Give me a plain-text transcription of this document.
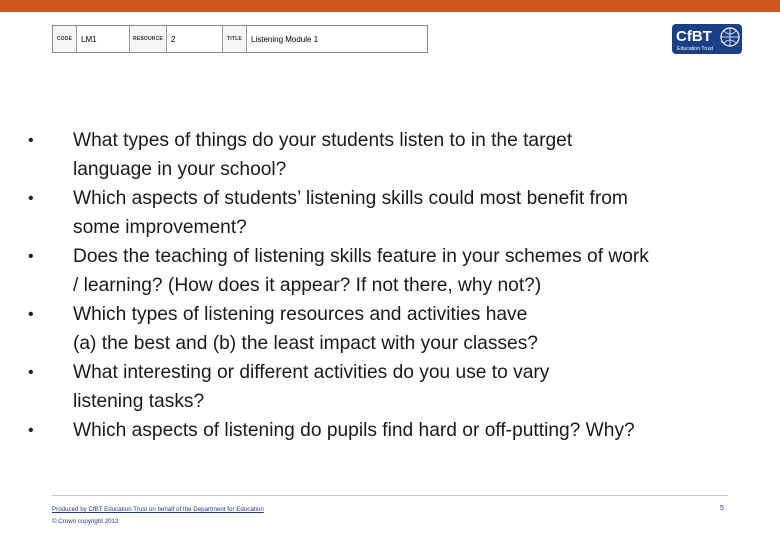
CODE	LM1	RESOURCE	2	TITLE	Listening Module 1	CfBT
Education Trust
•	What types of things do your students listen to in the target
language in your school?
•	Which aspects of students’ listening skills could most benefit from
some improvement?
•	Does the teaching of listening skills feature in your schemes of work
/ learning? (How does it appear? If not there, why not?)
•	Which types of listening resources and activities have
(a) the best and (b) the least impact with your classes?
•	What interesting or different activities do you use to vary
listening tasks?
•	Which aspects of listening do pupils find hard or off-putting? Why?
Produced by CfBT Education Trust on behalf of the Department for Education
© Crown copyright 2012
5
